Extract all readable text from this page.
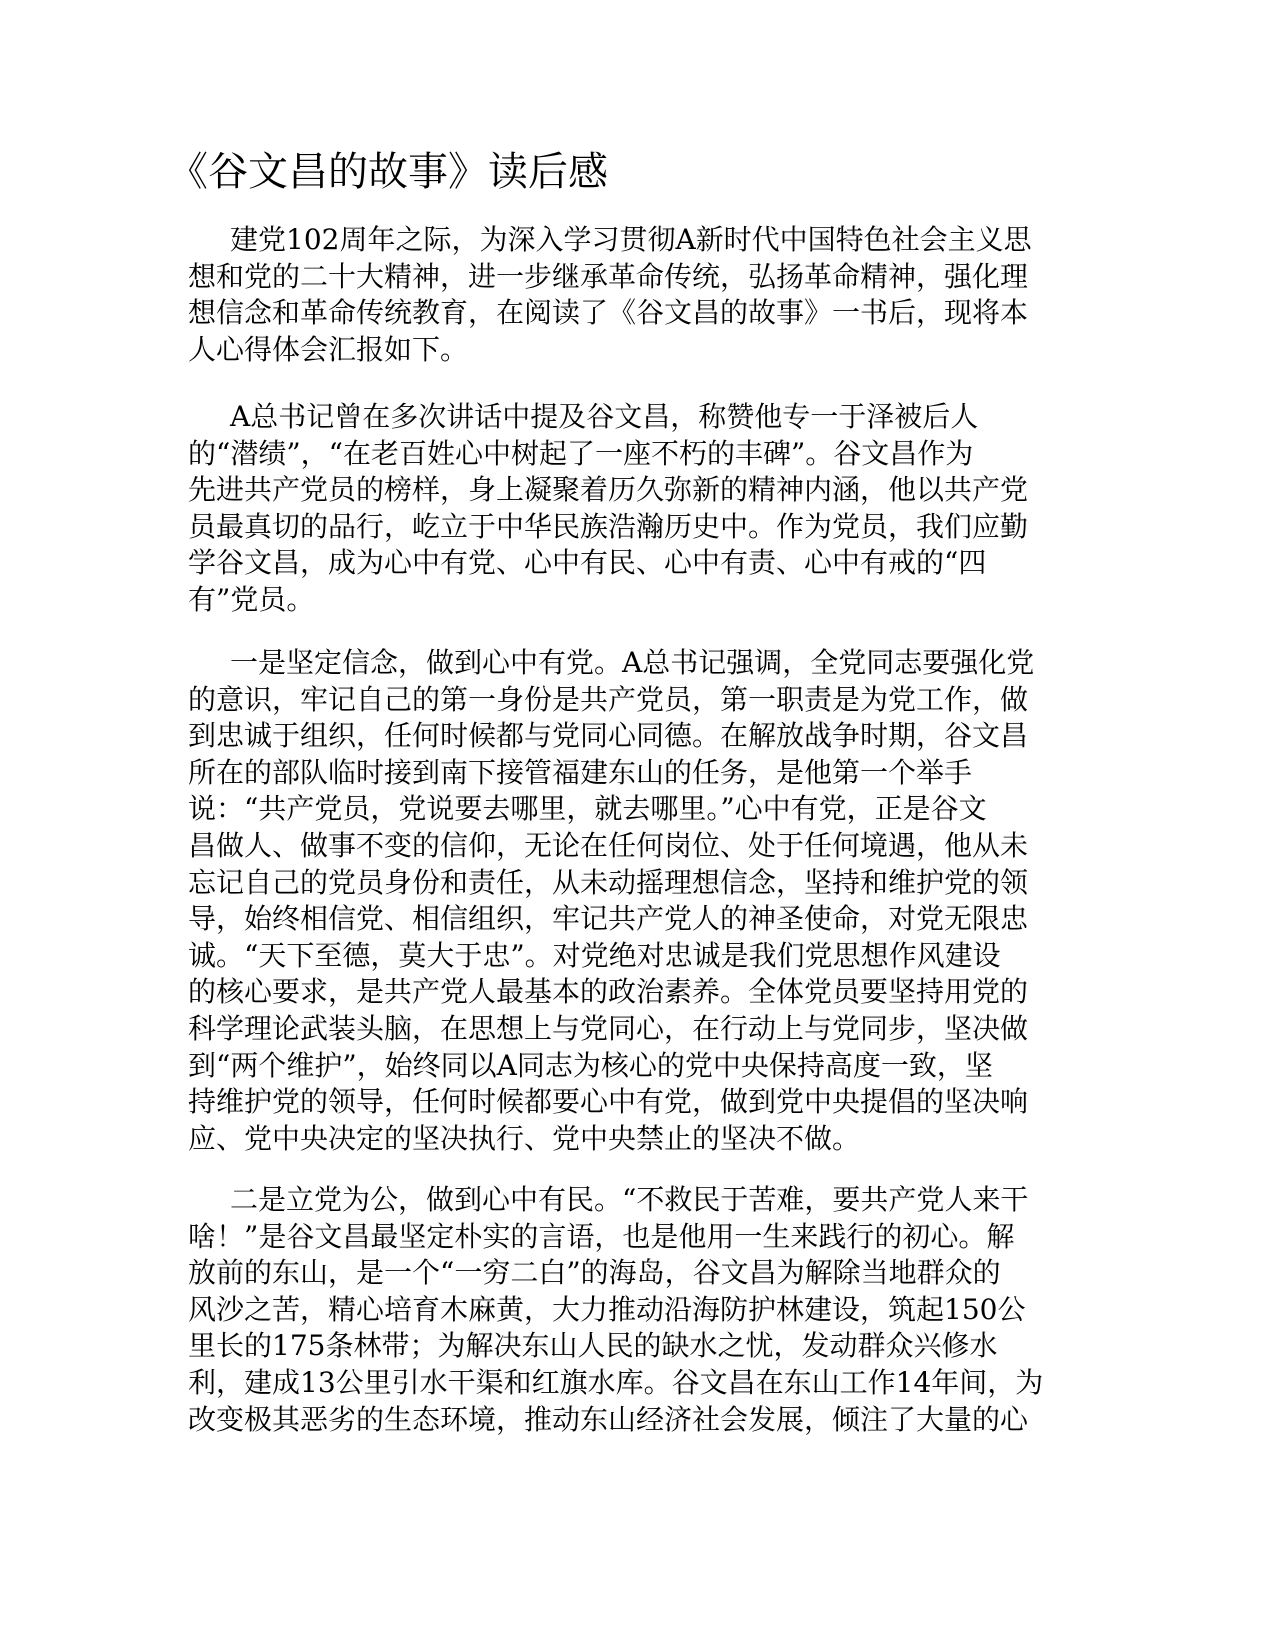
《谷文昌的故事》读后感
建党102周年之际，为深入学习贯彻A新时代中国特色社会主义思
想和党的二十大精神，进一步继承革命传统，弘扬革命精神，强化理
想信念和革命传统教育，在阅读了《谷文昌的故事》一书后，现将本
人心得体会汇报如下。
A总书记曾在多次讲话中提及谷文昌，称赞他专一于泽被后人
的“潜绩”，“在老百姓心中树起了一座不朽的丰碑”。谷文昌作为
先进共产党员的榜样，身上凝聚着历久弥新的精神内涵，他以共产党
员最真切的品行，屹立于中华民族浩瀚历史中。作为党员，我们应勤
学谷文昌，成为心中有党、心中有民、心中有责、心中有戒的“四
有”党员。
一是坚定信念，做到心中有党。A总书记强调，全党同志要强化党
的意识，牢记自己的第一身份是共产党员，第一职责是为党工作，做
到忠诚于组织，任何时候都与党同心同德。在解放战争时期，谷文昌
所在的部队临时接到南下接管福建东山的任务，是他第一个举手
说：“共产党员，党说要去哪里，就去哪里。”心中有党，正是谷文
昌做人、做事不变的信仰，无论在任何岗位、处于任何境遇，他从未
忘记自己的党员身份和责任，从未动摇理想信念，坚持和维护党的领
导，始终相信党、相信组织，牢记共产党人的神圣使命，对党无限忠
诚。“天下至德，莫大于忠”。对党绝对忠诚是我们党思想作风建设
的核心要求，是共产党人最基本的政治素养。全体党员要坚持用党的
科学理论武装头脑，在思想上与党同心，在行动上与党同步，坚决做
到“两个维护”，始终同以A同志为核心的党中央保持高度一致，坚
持维护党的领导，任何时候都要心中有党，做到党中央提倡的坚决响
应、党中央决定的坚决执行、党中央禁止的坚决不做。
二是立党为公，做到心中有民。“不救民于苦难，要共产党人来干
啥！”是谷文昌最坚定朴实的言语，也是他用一生来践行的初心。解
放前的东山，是一个“一穷二白”的海岛，谷文昌为解除当地群众的
风沙之苦，精心培育木麻黄，大力推动沿海防护林建设，筑起150公
里长的175条林带；为解决东山人民的缺水之忧，发动群众兴修水
利，建成13公里引水干渠和红旗水库。谷文昌在东山工作14年间，为
改变极其恶劣的生态环境，推动东山经济社会发展，倾注了大量的心
